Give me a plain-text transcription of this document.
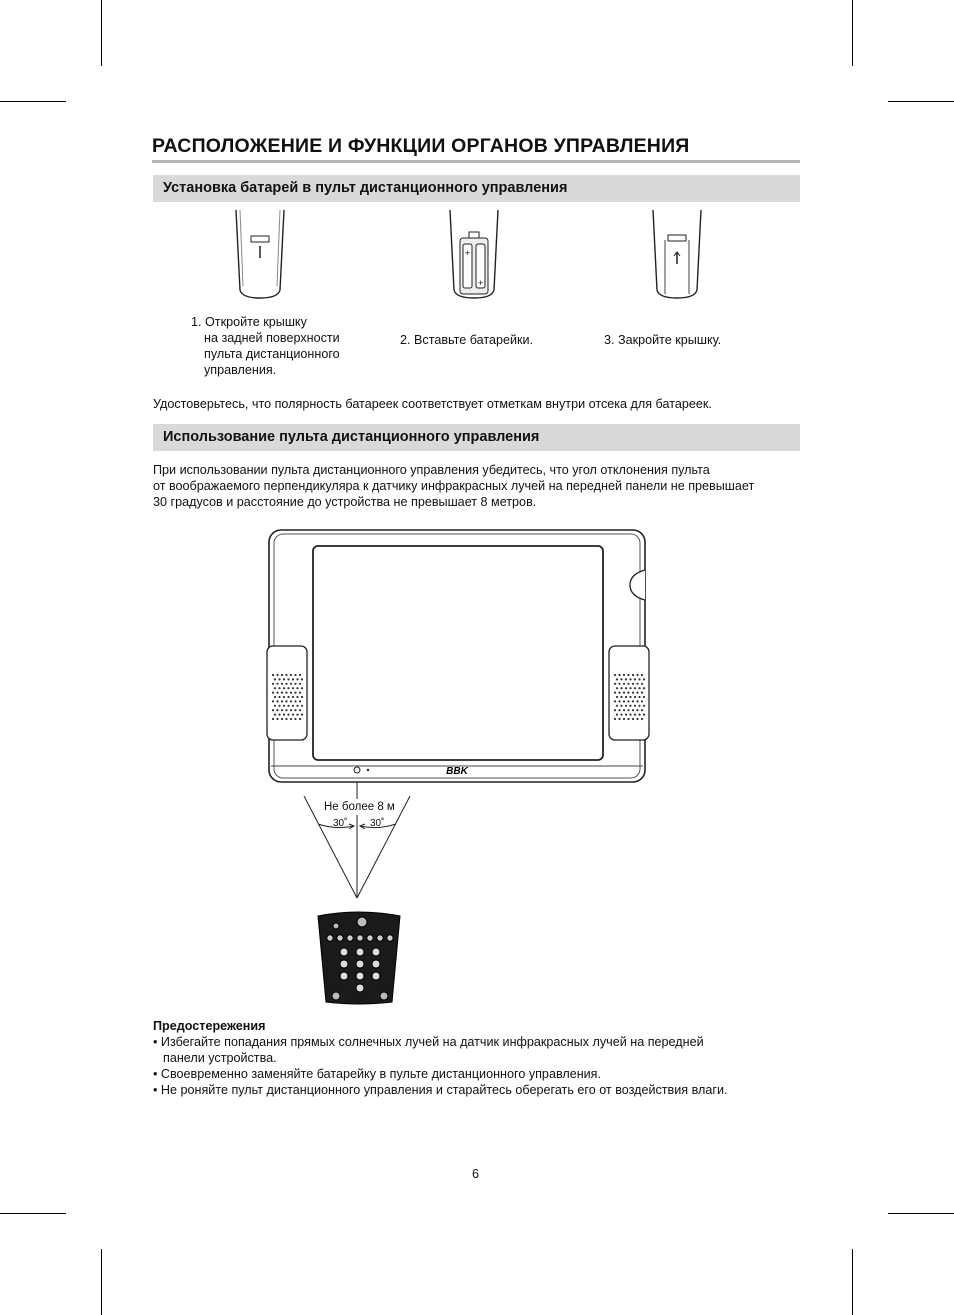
РАСПОЛОЖЕНИЕ И ФУНКЦИИ ОРГАНОВ УПРАВЛЕНИЯ
Установка батарей в пульт дистанционного управления
+
+
1. Откройте крышку
на задней поверхности
пульта дистанционного
управления.
2. Вставьте батарейки.	3. Закройте крышку.
Удостоверьтесь, что полярность батареек соответствует отметкам внутри отсека для батареек.
Использование пульта дистанционного управления
При использовании пульта дистанционного управления убедитесь, что угол отклонения пульта
от воображаемого перпендикуляра к датчику инфракрасных лучей на передней панели не превышает
30 градусов и расстояние до устройства не превышает 8 метров.
BBK
Не более 8 м
30˚ 30˚
Предостережения
• Избегайте попадания прямых солнечных лучей на датчик инфракрасных лучей на передней
панели устройства.
• Своевременно заменяйте батарейку в пульте дистанционного управления.
• Не роняйте пульт дистанционного управления и старайтесь оберегать его от воздействия влаги.
6
